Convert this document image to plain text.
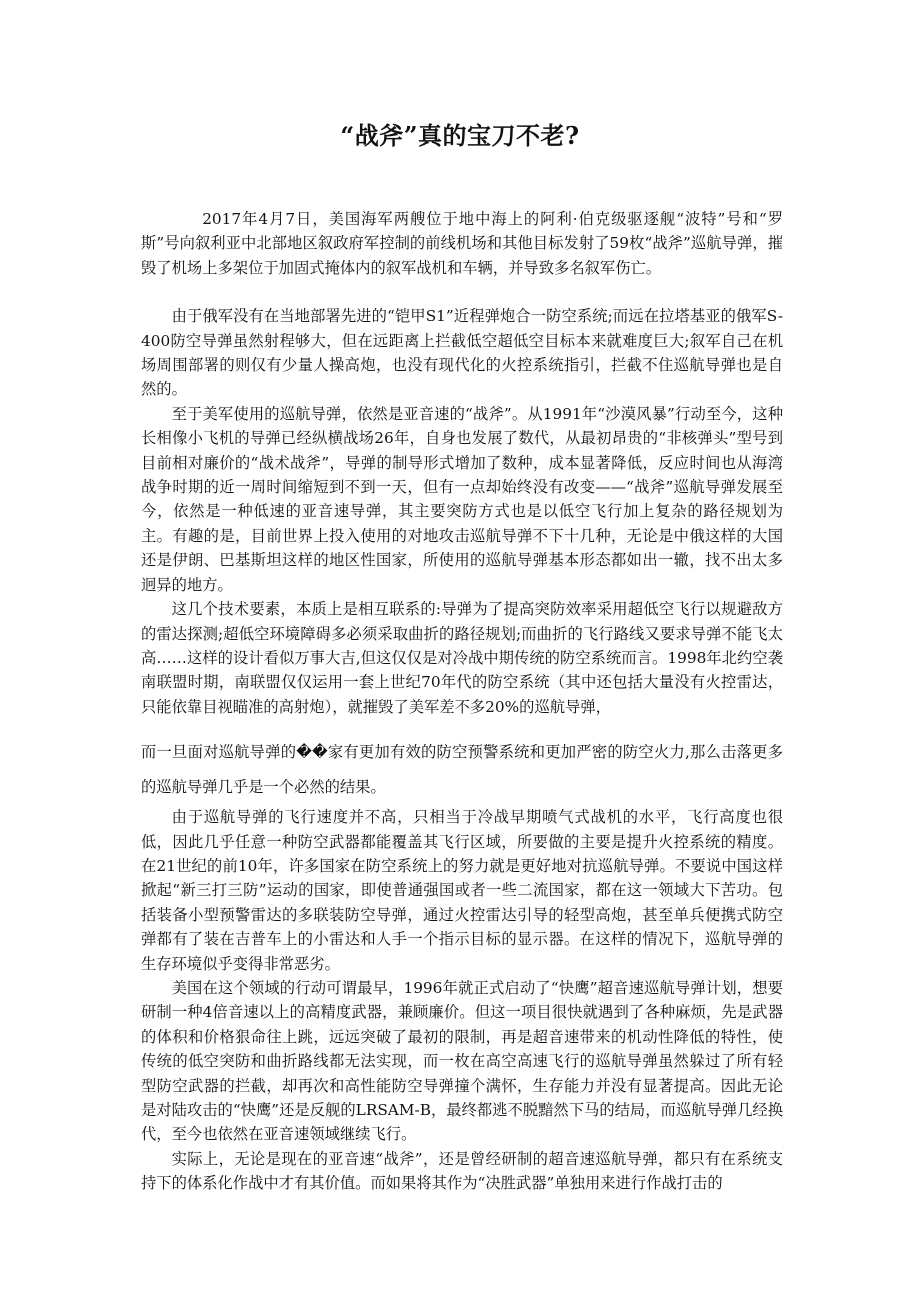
“战斧”真的宝刀不老?

2017年4月7日，美国海军两艘位于地中海上的阿利·伯克级驱逐舰“波特”号和“罗斯”号向叙利亚中北部地区叙政府军控制的前线机场和其他目标发射了59枚“战斧”巡航导弹，摧毁了机场上多架位于加固式掩体内的叙军战机和车辆，并导致多名叙军伤亡。

由于俄军没有在当地部署先进的“铠甲S1”近程弹炮合一防空系统;而远在拉塔基亚的俄军S-400防空导弹虽然射程够大，但在远距离上拦截低空超低空目标本来就难度巨大;叙军自己在机场周围部署的则仅有少量人操高炮，也没有现代化的火控系统指引，拦截不住巡航导弹也是自然的。

至于美军使用的巡航导弹，依然是亚音速的“战斧”。从1991年“沙漠风暴”行动至今，这种长相像小飞机的导弹已经纵横战场26年，自身也发展了数代，从最初昂贵的“非核弹头”型号到目前相对廉价的“战术战斧”，导弹的制导形式增加了数种，成本显著降低，反应时间也从海湾战争时期的近一周时间缩短到不到一天，但有一点却始终没有改变——“战斧”巡航导弹发展至今，依然是一种低速的亚音速导弹，其主要突防方式也是以低空飞行加上复杂的路径规划为主。有趣的是，目前世界上投入使用的对地攻击巡航导弹不下十几种，无论是中俄这样的大国还是伊朗、巴基斯坦这样的地区性国家，所使用的巡航导弹基本形态都如出一辙，找不出太多迥异的地方。

这几个技术要素，本质上是相互联系的:导弹为了提高突防效率采用超低空飞行以规避敌方的雷达探测;超低空环境障碍多必须采取曲折的路径规划;而曲折的飞行路线又要求导弹不能飞太高……这样的设计看似万事大吉,但这仅仅是对冷战中期传统的防空系统而言。1998年北约空袭南联盟时期，南联盟仅仅运用一套上世纪70年代的防空系统（其中还包括大量没有火控雷达，只能依靠目视瞄准的高射炮），就摧毁了美军差不多20%的巡航导弹，

而一旦面对巡航导弹的��家有更加有效的防空预警系统和更加严密的防空火力,那么击落更多的巡航导弹几乎是一个必然的结果。

由于巡航导弹的飞行速度并不高，只相当于冷战早期喷气式战机的水平，飞行高度也很低，因此几乎任意一种防空武器都能覆盖其飞行区域，所要做的主要是提升火控系统的精度。在21世纪的前10年，许多国家在防空系统上的努力就是更好地对抗巡航导弹。不要说中国这样掀起“新三打三防”运动的国家，即使普通强国或者一些二流国家，都在这一领域大下苦功。包括装备小型预警雷达的多联装防空导弹，通过火控雷达引导的轻型高炮，甚至单兵便携式防空弹都有了装在吉普车上的小雷达和人手一个指示目标的显示器。在这样的情况下，巡航导弹的生存环境似乎变得非常恶劣。

美国在这个领域的行动可谓最早，1996年就正式启动了“快鹰”超音速巡航导弹计划，想要研制一种4倍音速以上的高精度武器，兼顾廉价。但这一项目很快就遇到了各种麻烦，先是武器的体积和价格狠命往上跳，远远突破了最初的限制，再是超音速带来的机动性降低的特性，使传统的低空突防和曲折路线都无法实现，而一枚在高空高速飞行的巡航导弹虽然躲过了所有轻型防空武器的拦截，却再次和高性能防空导弹撞个满怀，生存能力并没有显著提高。因此无论是对陆攻击的“快鹰”还是反舰的LRSAM-B，最终都逃不脱黯然下马的结局，而巡航导弹几经换代，至今也依然在亚音速领域继续飞行。

实际上，无论是现在的亚音速“战斧”，还是曾经研制的超音速巡航导弹，都只有在系统支持下的体系化作战中才有其价值。而如果将其作为“决胜武器”单独用来进行作战打击的
